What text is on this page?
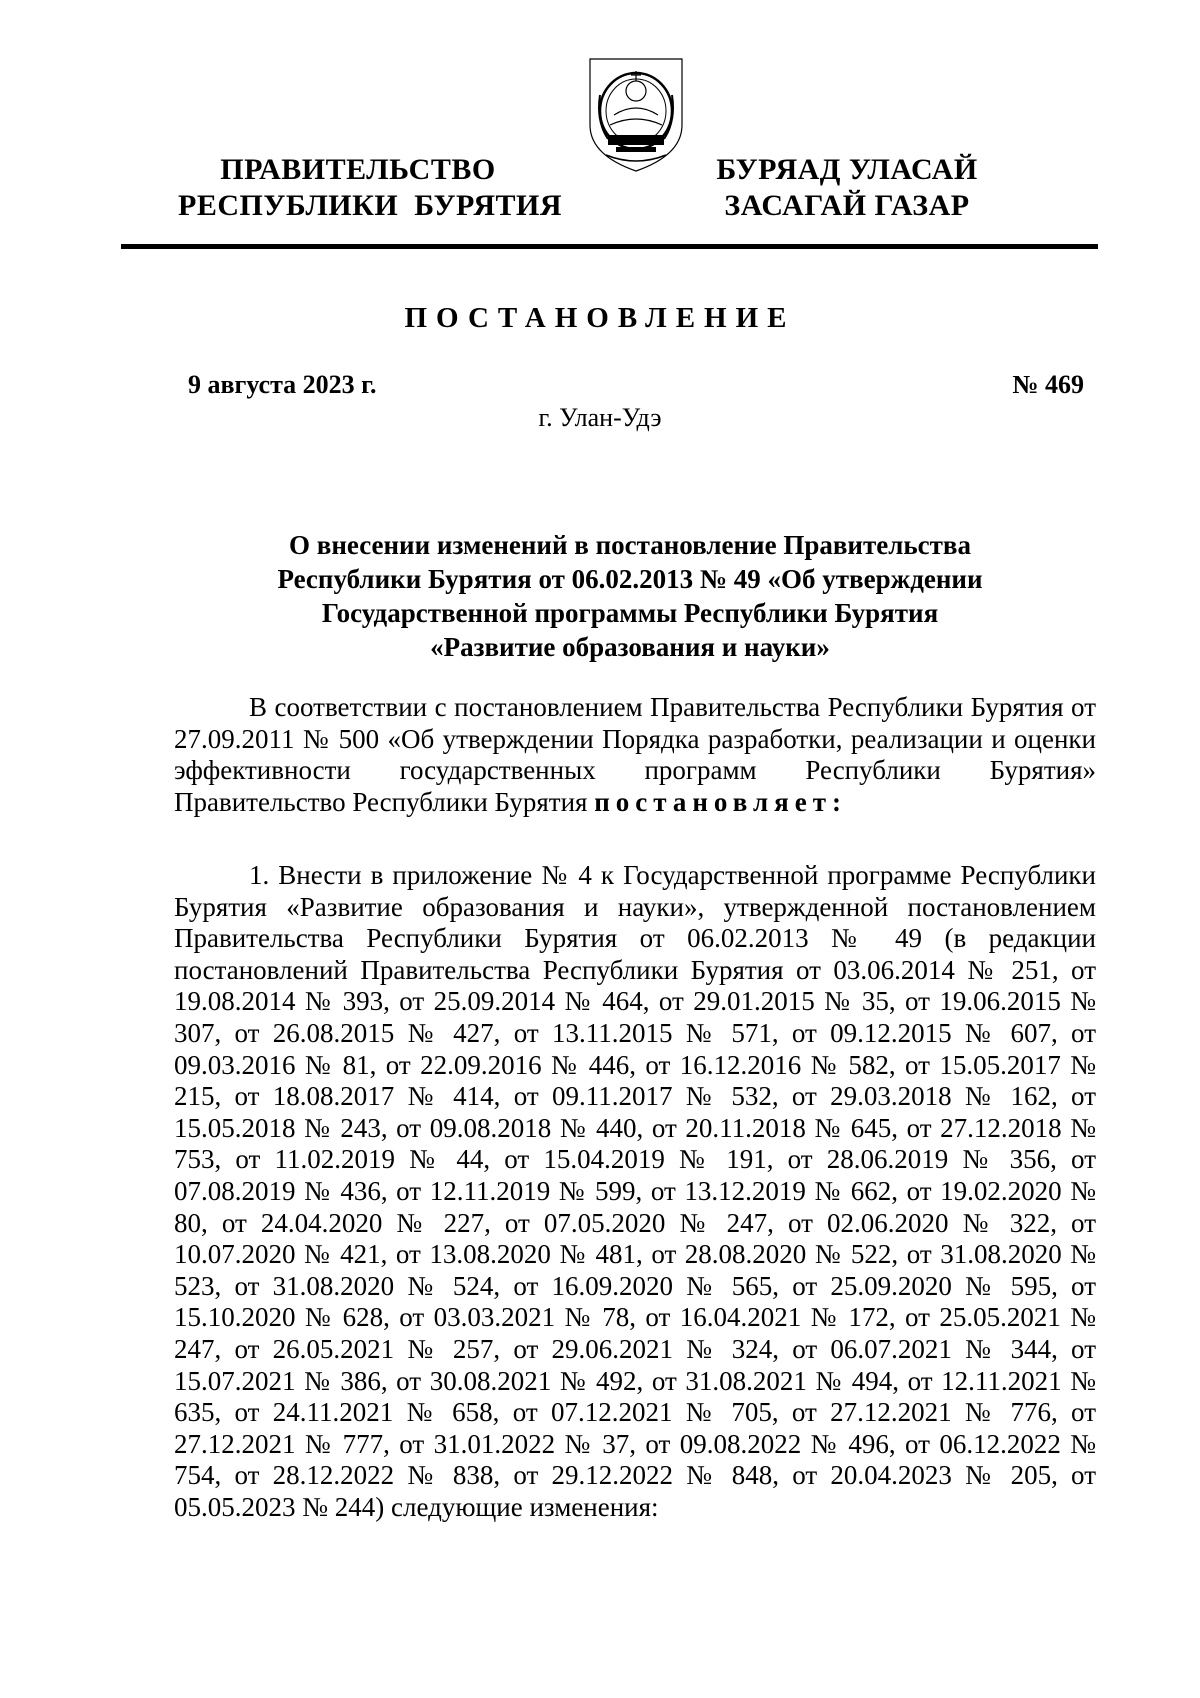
ПРАВИТЕЛЬСТВО
РЕСПУБЛИКИ  БУРЯТИЯ
БУРЯАД УЛАСАЙ
ЗАСАГАЙ ГАЗАР
ПОСТАНОВЛЕНИЕ
9 августа 2023 г.	№ 469
г. Улан-Удэ
О внесении изменений в постановление Правительства
Республики Бурятия от 06.02.2013 № 49 «Об утверждении
Государственной программы Республики Бурятия
«Развитие образования и науки»
В соответствии с постановлением Правительства Республики Бурятия от 27.09.2011 № 500 «Об утверждении Порядка разработки, реализации и оценки эффективности государственных программ Республики Бурятия» Правительство Республики Бурятия постановляет:
1. Внести в приложение № 4 к Государственной программе Республики Бурятия «Развитие образования и науки», утвержденной постановлением Правительства Республики Бурятия от 06.02.2013 № 49 (в редакции постановлений Правительства Республики Бурятия от 03.06.2014 № 251, от 19.08.2014 № 393, от 25.09.2014 № 464, от 29.01.2015 № 35, от 19.06.2015 № 307, от 26.08.2015 № 427, от 13.11.2015 № 571, от 09.12.2015 № 607, от 09.03.2016 № 81, от 22.09.2016 № 446, от 16.12.2016 № 582, от 15.05.2017 № 215, от 18.08.2017 № 414, от 09.11.2017 № 532, от 29.03.2018 № 162, от 15.05.2018 № 243, от 09.08.2018 № 440, от 20.11.2018 № 645, от 27.12.2018 № 753, от 11.02.2019 № 44, от 15.04.2019 № 191, от 28.06.2019 № 356, от 07.08.2019 № 436, от 12.11.2019 № 599, от 13.12.2019 № 662, от 19.02.2020 № 80, от 24.04.2020 № 227, от 07.05.2020 № 247, от 02.06.2020 № 322, от 10.07.2020 № 421, от 13.08.2020 № 481, от 28.08.2020 № 522, от 31.08.2020 № 523, от 31.08.2020 № 524, от 16.09.2020 № 565, от 25.09.2020 № 595, от 15.10.2020 № 628, от 03.03.2021 № 78, от 16.04.2021 № 172, от 25.05.2021 № 247, от 26.05.2021 № 257, от 29.06.2021 № 324, от 06.07.2021 № 344, от 15.07.2021 № 386, от 30.08.2021 № 492, от 31.08.2021 № 494, от 12.11.2021 № 635, от 24.11.2021 № 658, от 07.12.2021 № 705, от 27.12.2021 № 776, от 27.12.2021 № 777, от 31.01.2022 № 37, от 09.08.2022 № 496, от 06.12.2022 № 754, от 28.12.2022 № 838, от 29.12.2022 № 848, от 20.04.2023 № 205, от 05.05.2023 № 244) следующие изменения:
